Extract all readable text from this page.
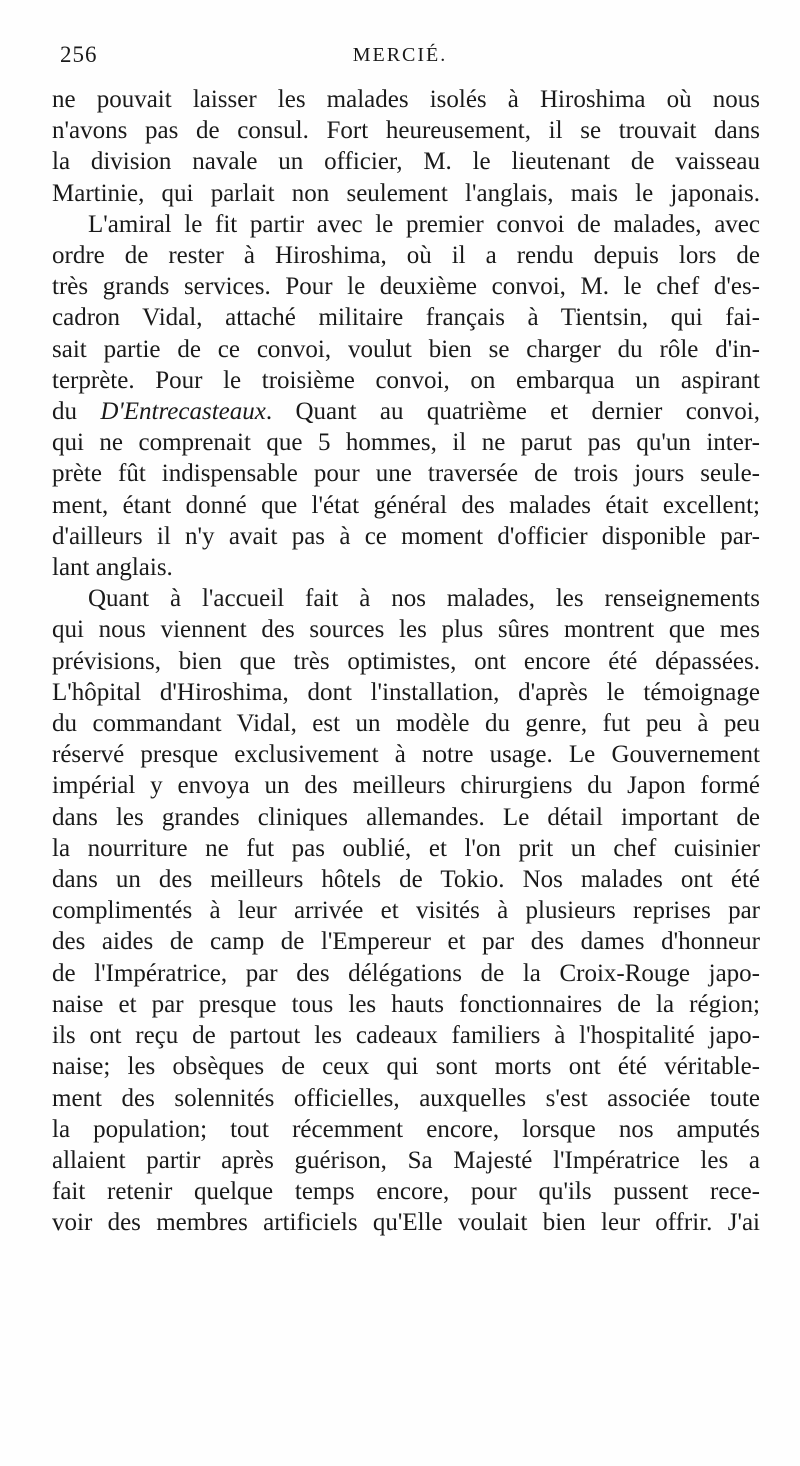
256	MERCIÉ.
ne pouvait laisser les malades isolés à Hiroshima où nous
n'avons pas de consul. Fort heureusement, il se trouvait dans
la division navale un officier, M. le lieutenant de vaisseau
Martinie, qui parlait non seulement l'anglais, mais le japonais.
L'amiral le fit partir avec le premier convoi de malades, avec
ordre de rester à Hiroshima, où il a rendu depuis lors de
très grands services. Pour le deuxième convoi, M. le chef d'es-
cadron Vidal, attaché militaire français à Tientsin, qui fai-
sait partie de ce convoi, voulut bien se charger du rôle d'in-
terprète. Pour le troisième convoi, on embarqua un aspirant
du D'Entrecasteaux. Quant au quatrième et dernier convoi,
qui ne comprenait que 5 hommes, il ne parut pas qu'un inter-
prète fût indispensable pour une traversée de trois jours seule-
ment, étant donné que l'état général des malades était excellent;
d'ailleurs il n'y avait pas à ce moment d'officier disponible par-
lant anglais.
Quant à l'accueil fait à nos malades, les renseignements
qui nous viennent des sources les plus sûres montrent que mes
prévisions, bien que très optimistes, ont encore été dépassées.
L'hôpital d'Hiroshima, dont l'installation, d'après le témoignage
du commandant Vidal, est un modèle du genre, fut peu à peu
réservé presque exclusivement à notre usage. Le Gouvernement
impérial y envoya un des meilleurs chirurgiens du Japon formé
dans les grandes cliniques allemandes. Le détail important de
la nourriture ne fut pas oublié, et l'on prit un chef cuisinier
dans un des meilleurs hôtels de Tokio. Nos malades ont été
complimentés à leur arrivée et visités à plusieurs reprises par
des aides de camp de l'Empereur et par des dames d'honneur
de l'Impératrice, par des délégations de la Croix-Rouge japo-
naise et par presque tous les hauts fonctionnaires de la région;
ils ont reçu de partout les cadeaux familiers à l'hospitalité japo-
naise; les obsèques de ceux qui sont morts ont été véritable-
ment des solennités officielles, auxquelles s'est associée toute
la population; tout récemment encore, lorsque nos amputés
allaient partir après guérison, Sa Majesté l'Impératrice les a
fait retenir quelque temps encore, pour qu'ils pussent rece-
voir des membres artificiels qu'Elle voulait bien leur offrir. J'ai
